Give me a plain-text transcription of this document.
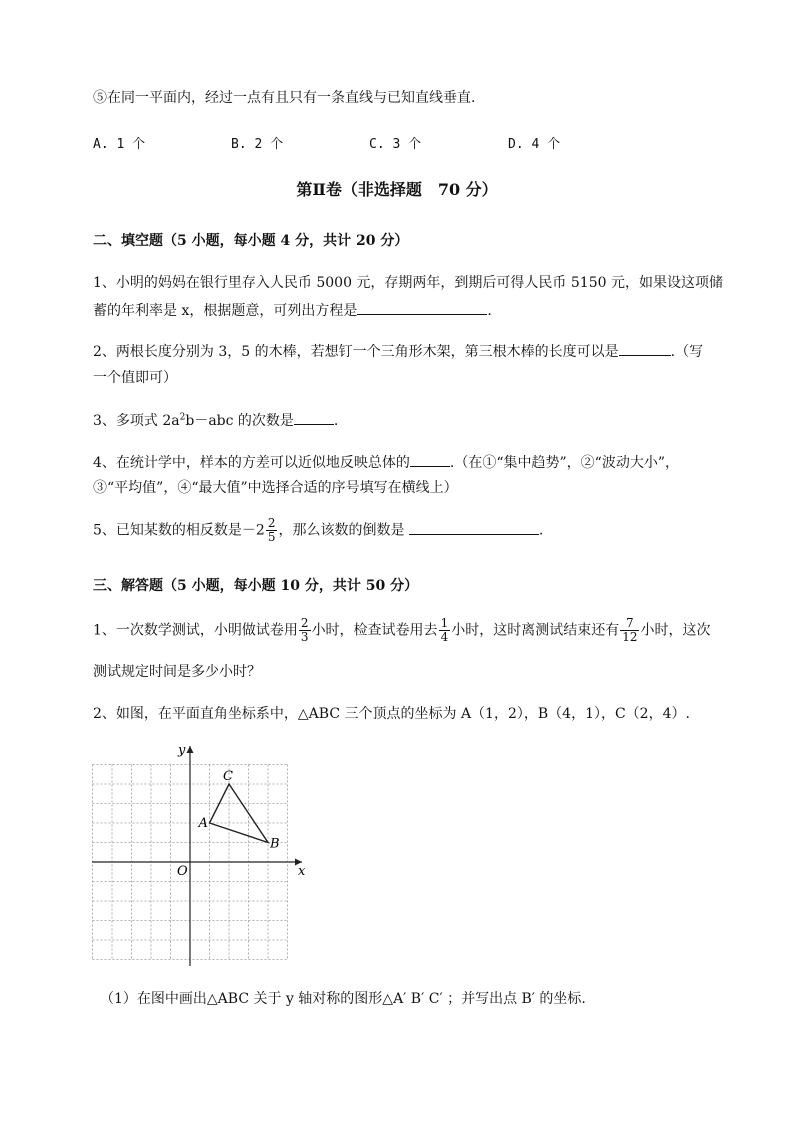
⑤在同一平面内，经过一点有且只有一条直线与已知直线垂直.
A. 1 个	B. 2 个	C. 3 个	D. 4 个
第Ⅱ卷（非选择题　70 分）
二、填空题（5 小题，每小题 4 分，共计 20 分）
1、小明的妈妈在银行里存入人民币 5000 元，存期两年，到期后可得人民币 5150 元，如果设这项储
蓄的年利率是 x，根据题意，可列出方程是	.
2、两根长度分别为 3，5 的木棒，若想钉一个三角形木架，第三根木棒的长度可以是	.（写
一个值即可）
3、多项式 $2a^2b-abc$ 的次数是	.
4、在统计学中，样本的方差可以近似地反映总体的	.（在①“集中趋势”，②“波动大小”，
③“平均值”，④“最大值”中选择合适的序号填写在横线上）
5、已知某数的相反数是$-2 \frac{2}{5}$ ，那么该数的倒数是	.
三、解答题（5 小题，每小题 10 分，共计 50 分）
1、一次数学测试，小明做试卷用 $\frac{2}{3}$ 小时，检查试卷用去 $\frac{1}{4}$ 小时，这时离测试结束还有 $\frac{7}{12}$ 小时，这次
测试规定时间是多少小时？
2、如图，在平面直角坐标系中，△ABC 三个顶点的坐标为 A（1，2），B（4，1），C（2，4）.
x
y
O
A
B
C
（1）在图中画出△ABC 关于 y 轴对称的图形△A′ B′ C′ ；并写出点 B′ 的坐标.
